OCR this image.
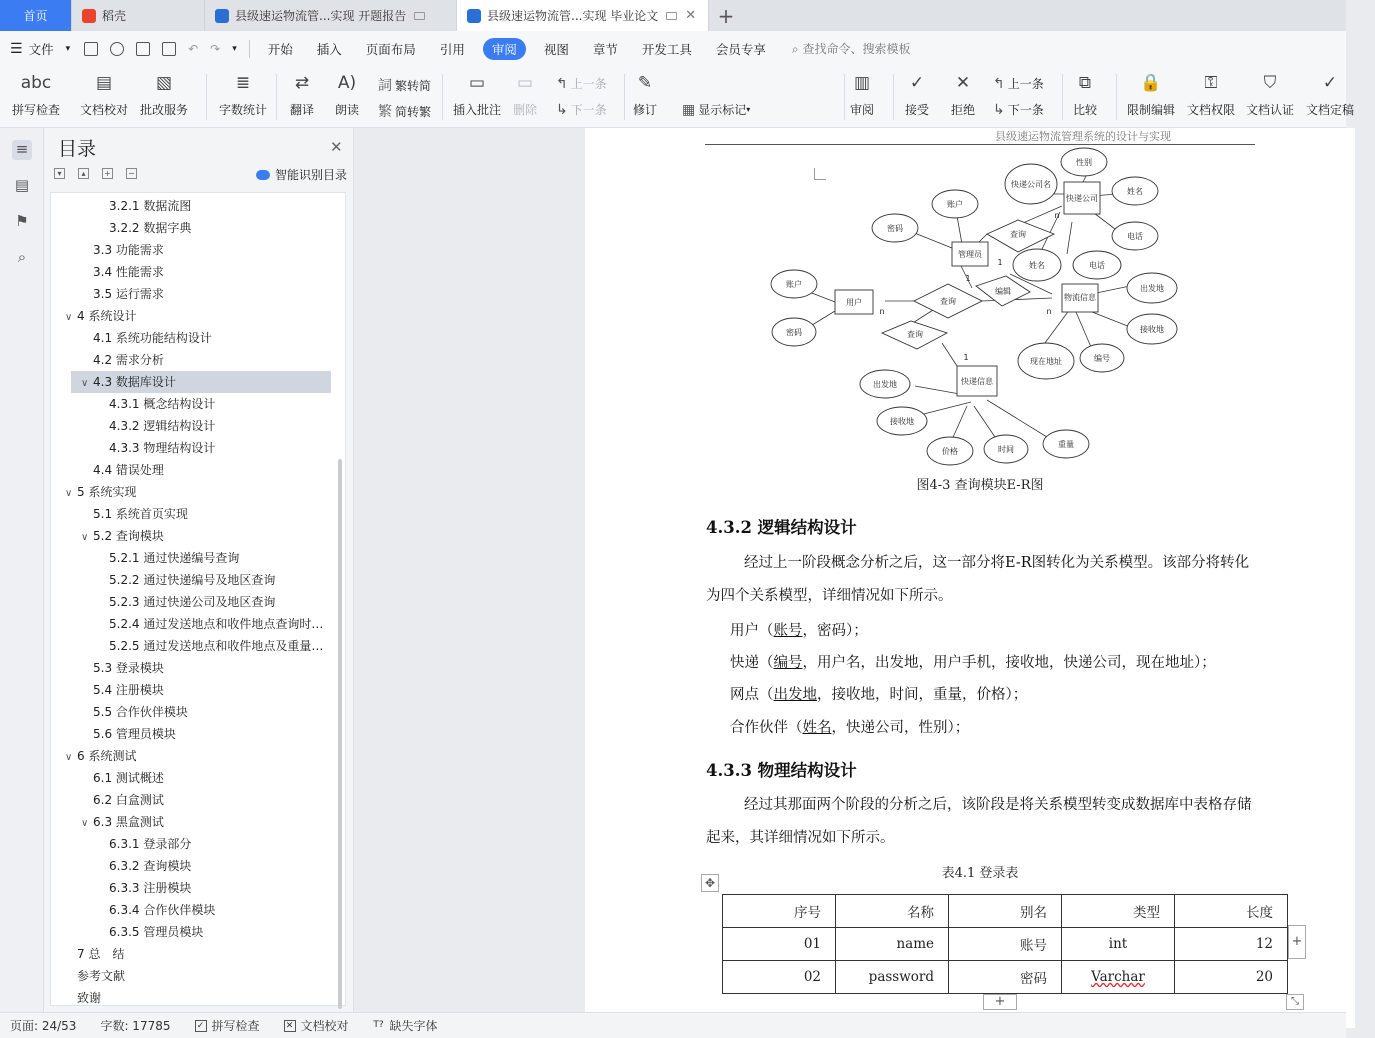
首页	稻壳	县级速运物流管...实现 开题报告	县级速运物流管...实现 毕业论文 ✕	+
☰ 文件 ▾	↶ ↷ ▾ 开始 插入 页面布局 引用	审阅	视图 章节 开发工具 会员专享 ⌕ 查找命令、搜索模板
abc
拼写检查
▤
文档校对
▧
批改服务
≣
字数统计
⇄
翻译
A)
朗读
詞 繁转简
繁 简转繁
▭
插入批注
▭
删除
↰ 上一条
↳ 下一条
✎
修订 ▦ 显示标记 ▾
▥
审阅
✓
接受
✕
拒绝
↰ 上一条
↳ 下一条
⧉
比较
🔒
限制编辑
⚿
文档权限
⛉
文档认证
✓
文档定稿
≡
▤
⚑
⌕
目录	✕
▾	▴	+ −	智能识别目录
3.2.1 数据流图
3.2.2 数据字典
3.3 功能需求
3.4 性能需求
3.5 运行需求
∨ 4 系统设计
4.1 系统功能结构设计
4.2 需求分析
∨ 4.3 数据库设计
4.3.1 概念结构设计
4.3.2 逻辑结构设计
4.3.3 物理结构设计
4.4 错误处理
∨ 5 系统实现
5.1 系统首页实现
∨ 5.2 查询模块
5.2.1 通过快递编号查询
5.2.2 通过快递编号及地区查询
5.2.3 通过快递公司及地区查询
5.2.4 通过发送地点和收件地点查询时…
5.2.5 通过发送地点和收件地点及重量…
5.3 登录模块
5.4 注册模块
5.5 合作伙伴模块
5.6 管理员模块
∨ 6 系统测试
6.1 测试概述
6.2 白盒测试
∨ 6.3 黑盒测试
6.3.1 登录部分
6.3.2 查询模块
6.3.3 注册模块
6.3.4 合作伙伴模块
6.3.5 管理员模块
7 总　结
参考文献
致谢
县级速运物流管理系统的设计与实现
账户
密码
用户	查询
查询
查询
编辑
管理员
密码
账户
快递公司名
快递公司
性别
姓名
电话
姓名	电话
物流信息
出发地
接收地
现在地址	编号
快递信息
出发地
接收地
价格	时间
重量
n
1
1
n
n
1
图4-3 查询模块E-R图
4.3.2 逻辑结构设计
经过上一阶段概念分析之后，这一部分将E-R图转化为关系模型。该部分将转化为四个关系模型，详细情况如下所示。
用户（账号，密码）；
快递（编号，用户名，出发地，用户手机，接收地，快递公司，现在地址）；
网点（出发地，接收地，时间，重量，价格）；
合作伙伴（姓名，快递公司，性别）；
4.3.3 物理结构设计
经过其那面两个阶段的分析之后，该阶段是将关系模型转变成数据库中表格存储起来，其详细情况如下所示。
表4.1 登录表
✥
序号	名称	别名	类型	长度
01	name	账号	int	12
02	password	密码	Varchar	20
+
+	⤡
页面: 24/53 字数: 17785	✓ 拼写检查	✕ 文档校对	T? 缺失字体
